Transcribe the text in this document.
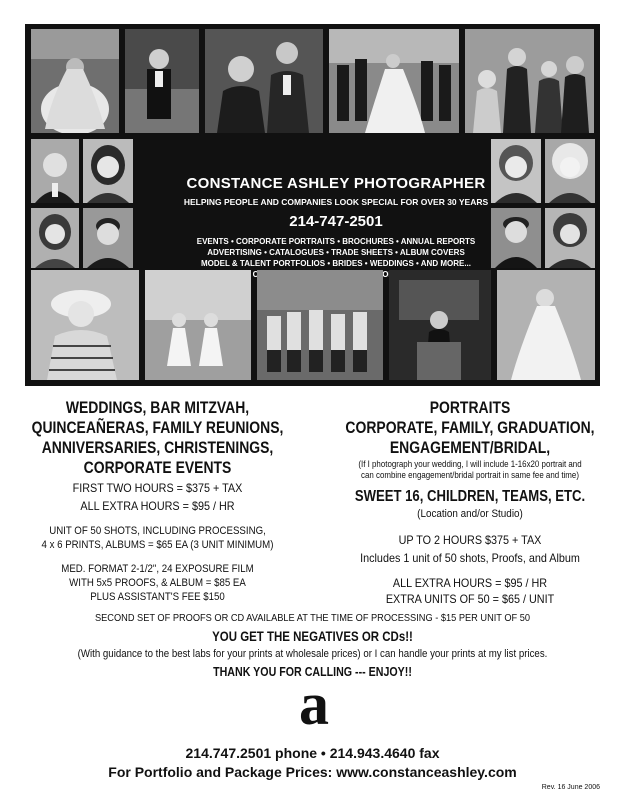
CONSTANCE ASHLEY PHOTOGRAPHER
HELPING PEOPLE AND COMPANIES LOOK SPECIAL FOR OVER 30 YEARS
214-747-2501
EVENTS • CORPORATE PORTRAITS • BROCHURES • ANNUAL REPORTS
ADVERTISING • CATALOGUES • TRADE SHEETS • ALBUM COVERS
MODEL & TALENT PORTFOLIOS • BRIDES • WEDDINGS • AND MORE...
OF
WEDDINGS, BAR MITZVAH,
QUINCEAÑERAS, FAMILY REUNIONS,
ANNIVERSARIES, CHRISTENINGS,
CORPORATE EVENTS
FIRST TWO HOURS = $375 + TAX
ALL EXTRA HOURS = $95 / HR
UNIT OF 50 SHOTS, INCLUDING PROCESSING,
4 x 6 PRINTS, ALBUMS = $65 EA (3 UNIT MINIMUM)
MED. FORMAT 2-1/2", 24 EXPOSURE FILM
WITH 5x5 PROOFS, & ALBUM = $85 EA
PLUS ASSISTANT'S FEE $150
PORTRAITS
CORPORATE, FAMILY, GRADUATION,
ENGAGEMENT/BRIDAL,
(If I photograph your wedding, I will include 1-16x20 portrait and
can combine engagement/bridal portrait in same fee and time)
SWEET 16, CHILDREN, TEAMS, ETC.
(Location and/or Studio)
UP TO 2 HOURS $375 + TAX
Includes 1 unit of 50 shots, Proofs, and Album
ALL EXTRA HOURS = $95 / HR
EXTRA UNITS OF 50 = $65 / UNIT
SECOND SET OF PROOFS OR CD AVAILABLE AT THE TIME OF PROCESSING - $15 PER UNIT OF 50
YOU GET THE NEGATIVES OR CDs!!
(With guidance to the best labs for your prints at wholesale prices) or I can handle your prints at my list prices.
THANK YOU FOR CALLING --- ENJOY!!
a
214.747.2501 phone • 214.943.4640 fax
For Portfolio and Package Prices: www.constanceashley.com
Rev. 16 June 2006
